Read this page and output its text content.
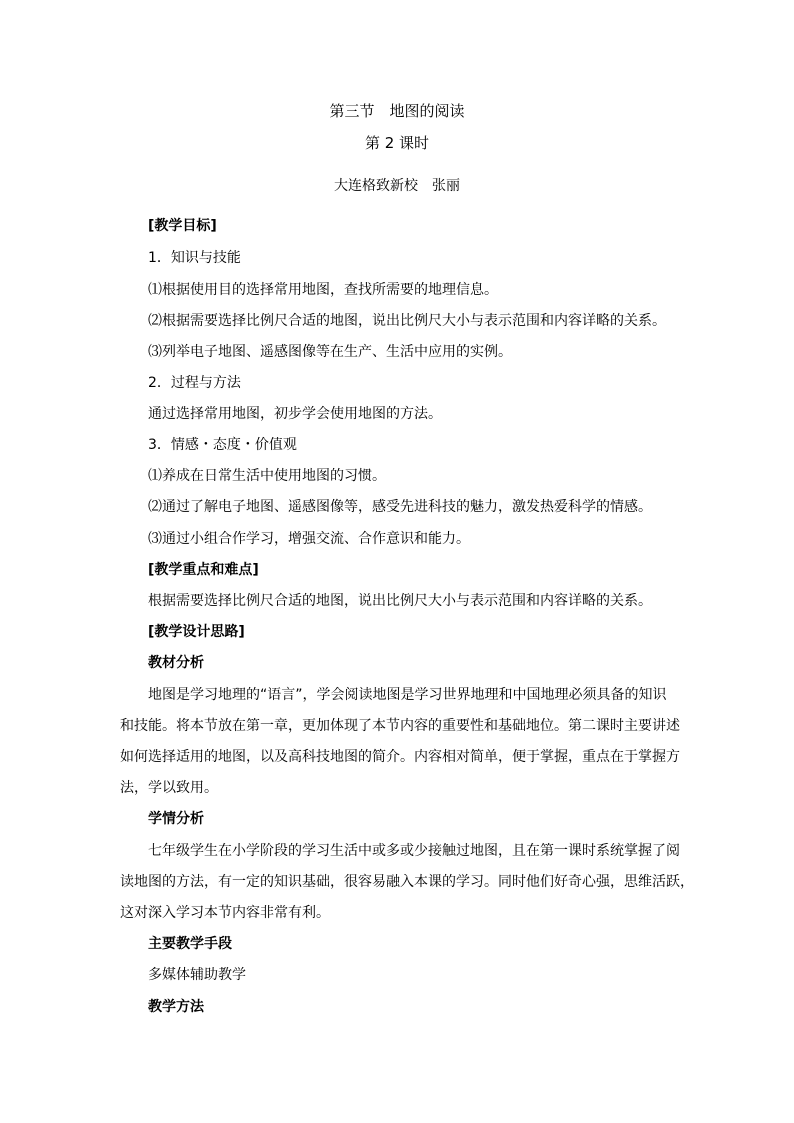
第三节　地图的阅读
第 2 课时
大连格致新校　张丽
[教学目标]
1．知识与技能
⑴根据使用目的选择常用地图，查找所需要的地理信息。
⑵根据需要选择比例尺合适的地图，说出比例尺大小与表示范围和内容详略的关系。
⑶列举电子地图、遥感图像等在生产、生活中应用的实例。
2．过程与方法
通过选择常用地图，初步学会使用地图的方法。
3．情感・态度・价值观
⑴养成在日常生活中使用地图的习惯。
⑵通过了解电子地图、遥感图像等，感受先进科技的魅力，激发热爱科学的情感。
⑶通过小组合作学习，增强交流、合作意识和能力。
[教学重点和难点]
根据需要选择比例尺合适的地图，说出比例尺大小与表示范围和内容详略的关系。
[教学设计思路]
教材分析
地图是学习地理的“语言”，学会阅读地图是学习世界地理和中国地理必须具备的知识
和技能。将本节放在第一章，更加体现了本节内容的重要性和基础地位。第二课时主要讲述
如何选择适用的地图，以及高科技地图的简介。内容相对简单，便于掌握，重点在于掌握方
法，学以致用。
学情分析
七年级学生在小学阶段的学习生活中或多或少接触过地图，且在第一课时系统掌握了阅
读地图的方法，有一定的知识基础，很容易融入本课的学习。同时他们好奇心强，思维活跃，
这对深入学习本节内容非常有利。
主要教学手段
多媒体辅助教学
教学方法
